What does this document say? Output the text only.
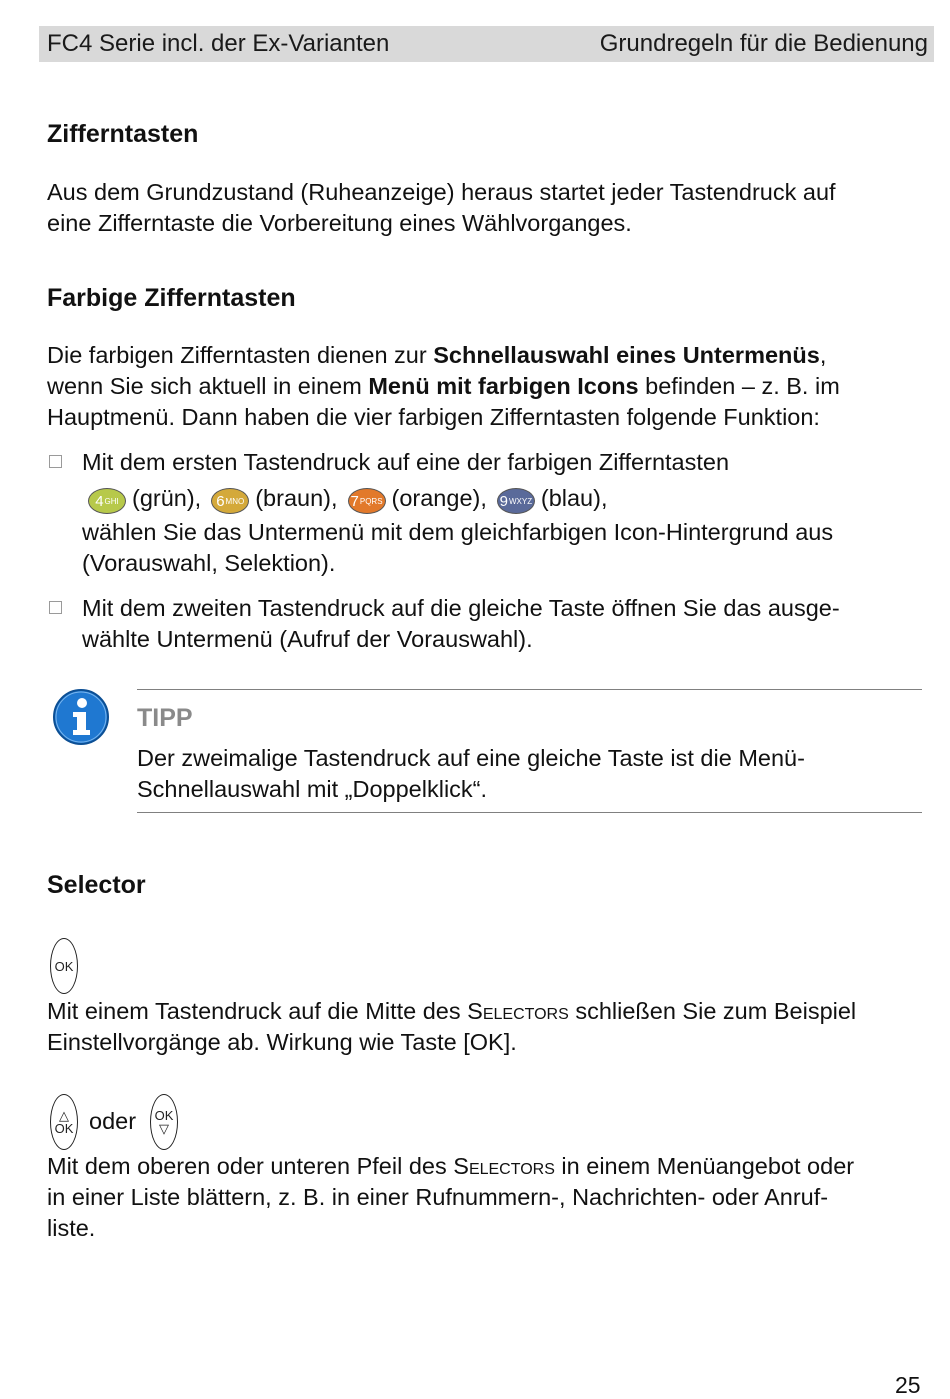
FC4 Serie incl. der Ex-Varianten	Grundregeln für die Bedienung
Zifferntasten

Aus dem Grundzustand (Ruheanzeige) heraus startet jeder Tastendruck auf
eine Zifferntaste die Vorbereitung eines Wählvorganges.

Farbige Zifferntasten

Die farbigen Zifferntasten dienen zur Schnellauswahl eines Untermenüs,
wenn Sie sich aktuell in einem Menü mit farbigen Icons befinden – z. B. im
Hauptmenü. Dann haben die vier farbigen Zifferntasten folgende Funktion:

Mit dem ersten Tastendruck auf eine der farbigen Zifferntasten

4 GHI (grün), 6 MNO (braun), 7 PQRS (orange), 9 WXYZ (blau),

wählen Sie das Untermenü mit dem gleichfarbigen Icon-Hintergrund aus
(Vorauswahl, Selektion).

Mit dem zweiten Tastendruck auf die gleiche Taste öffnen Sie das ausge-
wählte Untermenü (Aufruf der Vorauswahl).

TIPP

Der zweimalige Tastendruck auf eine gleiche Taste ist die Menü-
Schnellauswahl mit „Doppelklick“.

Selector
OK

Mit einem Tastendruck auf die Mitte des Selectors schließen Sie zum Beispiel
Einstellvorgänge ab. Wirkung wie Taste [OK].

△
OK oder OK
▽

Mit dem oberen oder unteren Pfeil des Selectors in einem Menüangebot oder
in einer Liste blättern, z. B. in einer Rufnummern-, Nachrichten- oder Anruf-
liste.

25
